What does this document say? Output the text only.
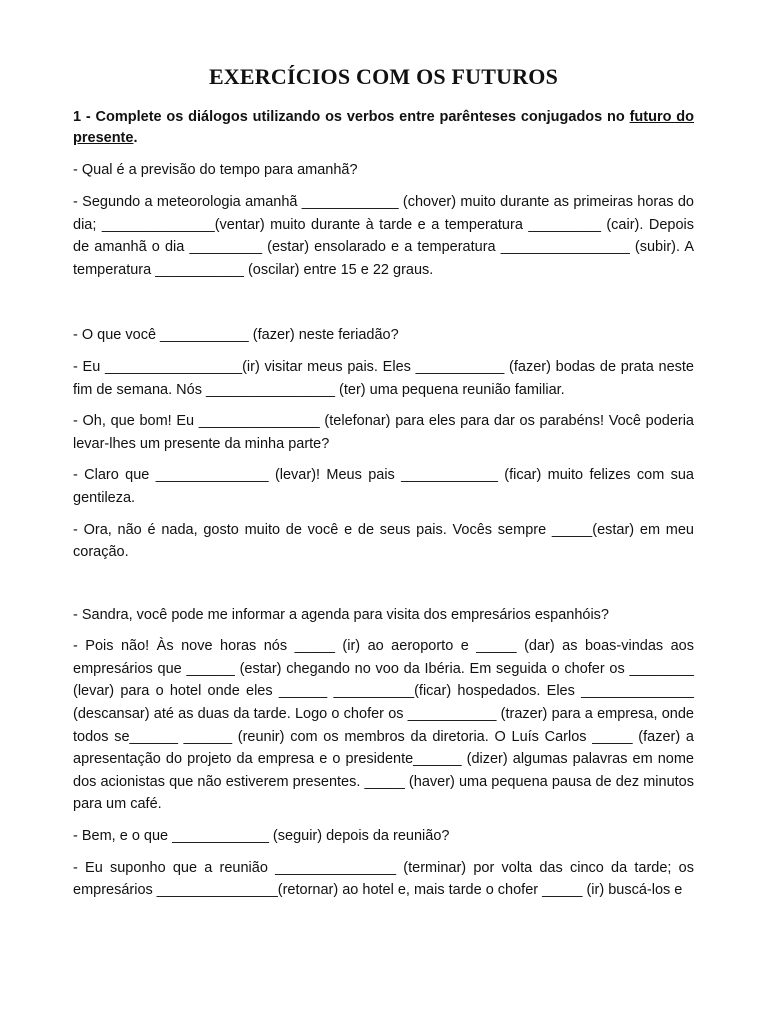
EXERCÍCIOS COM OS FUTUROS

1 - Complete os diálogos utilizando os verbos entre parênteses conjugados no futuro do presente.

- Qual é a previsão do tempo para amanhã?

- Segundo a meteorologia amanhã ____________ (chover) muito durante as primeiras horas do dia; ______________(ventar) muito durante à tarde e a temperatura _________ (cair). Depois de amanhã o dia _________ (estar) ensolarado e a temperatura ________________ (subir). A temperatura ___________ (oscilar) entre 15 e 22 graus.

- O que você ___________ (fazer) neste feriadão?

- Eu _________________(ir) visitar meus pais. Eles ___________ (fazer) bodas de prata neste fim de semana. Nós ________________ (ter) uma pequena reunião familiar.

- Oh, que bom! Eu _______________ (telefonar) para eles para dar os parabéns! Você poderia levar-lhes um presente da minha parte?

- Claro que ______________ (levar)! Meus pais ____________ (ficar) muito felizes com sua gentileza.

- Ora, não é nada, gosto muito de você e de seus pais. Vocês sempre _____(estar) em meu coração.

- Sandra, você pode me informar a agenda para visita dos empresários espanhóis?

- Pois não! Às nove horas nós _____ (ir) ao aeroporto e _____ (dar) as boas-vindas aos empresários que ______ (estar) chegando no voo da Ibéria. Em seguida o chofer os ________ (levar) para o hotel onde eles ______ __________(ficar) hospedados. Eles ______________ (descansar) até as duas da tarde. Logo o chofer os ___________ (trazer) para a empresa, onde todos se______ ______ (reunir) com os membros da diretoria. O Luís Carlos _____ (fazer) a apresentação do projeto da empresa e o presidente______ (dizer) algumas palavras em nome dos acionistas que não estiverem presentes. _____ (haver) uma pequena pausa de dez minutos para um café.

- Bem, e o que ____________ (seguir) depois da reunião?

- Eu suponho que a reunião _______________ (terminar) por volta das cinco da tarde; os empresários _______________(retornar) ao hotel e, mais tarde o chofer _____ (ir) buscá-los e
